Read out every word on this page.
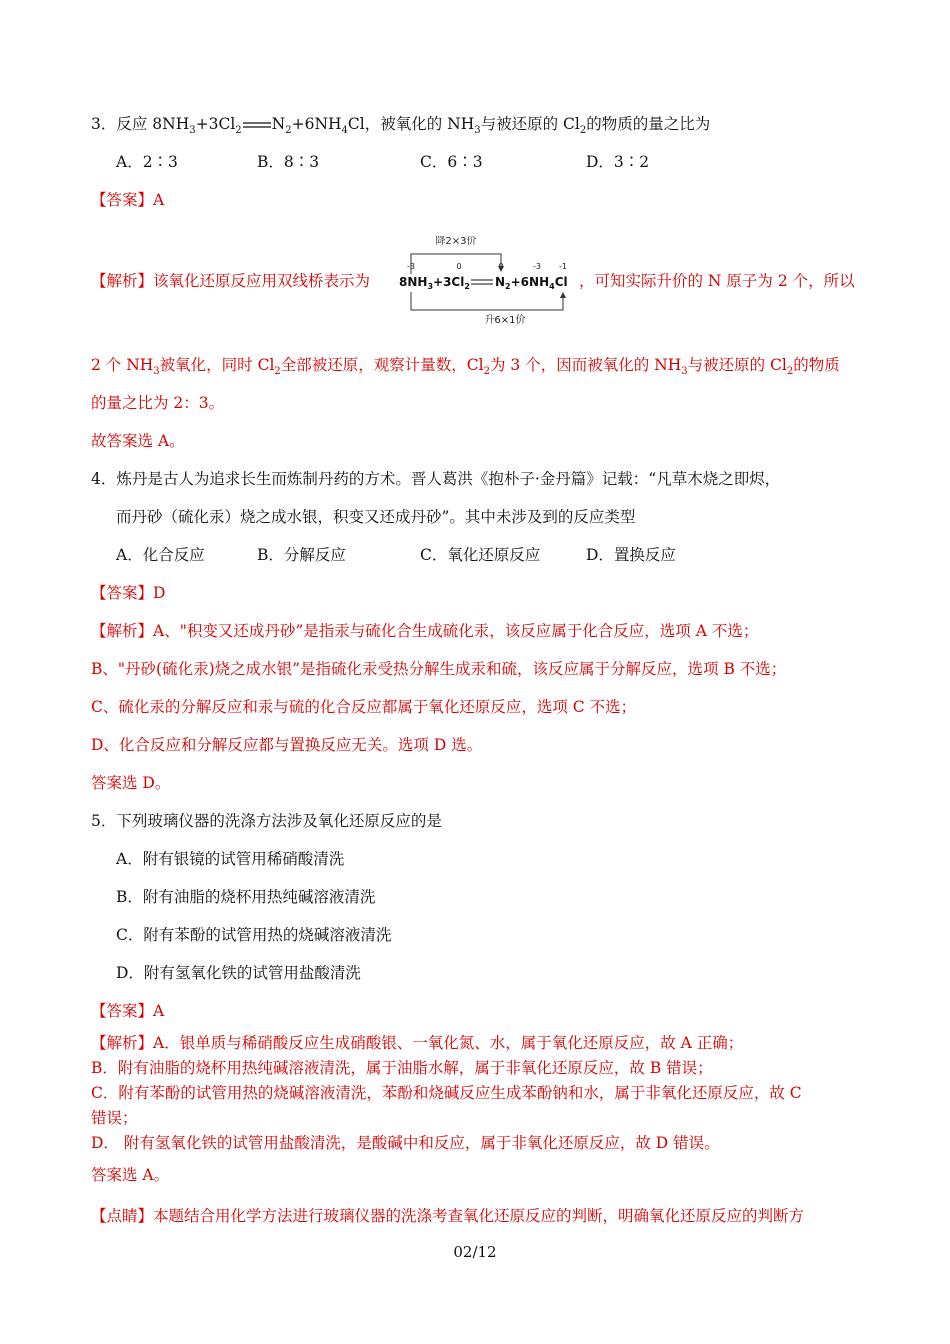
3．反应 $8NH_3+3Cl_2$ $N_2+6NH_4Cl$，被氧化的 $NH_3$与被还原的 $Cl_2$的物质的量之比为
A．2∶3	B．8∶3	C．6∶3	D．3∶2
【答案】A
【解析】该氧化还原反应用双线桥表示为
降2×3价
-3	0	0	-3 -1
$8NH_3+3Cl_2$ $N_2+6NH_4Cl$
升6×1价
，可知实际升价的 N 原子为 2 个，所以
2 个 $NH_3$被氧化，同时 $Cl_2$全部被还原，观察计量数，$Cl_2$为 3 个，因而被氧化的 $NH_3$与被还原的 $Cl_2$的物质
的量之比为 2：3。
故答案选 A。
4．炼丹是古人为追求长生而炼制丹药的方术。晋人葛洪《抱朴子·金丹篇》记载：“凡草木烧之即烬，
而丹砂（硫化汞）烧之成水银，积变又还成丹砂”。其中未涉及到的反应类型
A．化合反应	B．分解反应	C．氧化还原反应	D．置换反应
【答案】D
【解析】A、"积变又还成丹砂”是指汞与硫化合生成硫化汞，该反应属于化合反应，选项 A 不选；
B、"丹砂(硫化汞)烧之成水银”是指硫化汞受热分解生成汞和硫，该反应属于分解反应，选项 B 不选；
C、硫化汞的分解反应和汞与硫的化合反应都属于氧化还原反应，选项 C 不选；
D、化合反应和分解反应都与置换反应无关。选项 D 选。
答案选 D。
5．下列玻璃仪器的洗涤方法涉及氧化还原反应的是
A．附有银镜的试管用稀硝酸清洗
B．附有油脂的烧杯用热纯碱溶液清洗
C．附有苯酚的试管用热的烧碱溶液清洗
D．附有氢氧化铁的试管用盐酸清洗
【答案】A
【解析】A．银单质与稀硝酸反应生成硝酸银、一氧化氮、水，属于氧化还原反应，故 A 正确；
B．附有油脂的烧杯用热纯碱溶液清洗，属于油脂水解，属于非氧化还原反应，故 B 错误；
C．附有苯酚的试管用热的烧碱溶液清洗，苯酚和烧碱反应生成苯酚钠和水，属于非氧化还原反应，故 C
错误；
D． 附有氢氧化铁的试管用盐酸清洗，是酸碱中和反应，属于非氧化还原反应，故 D 错误。
答案选 A。
【点睛】本题结合用化学方法进行玻璃仪器的洗涤考查氧化还原反应的判断，明确氧化还原反应的判断方
02/12
